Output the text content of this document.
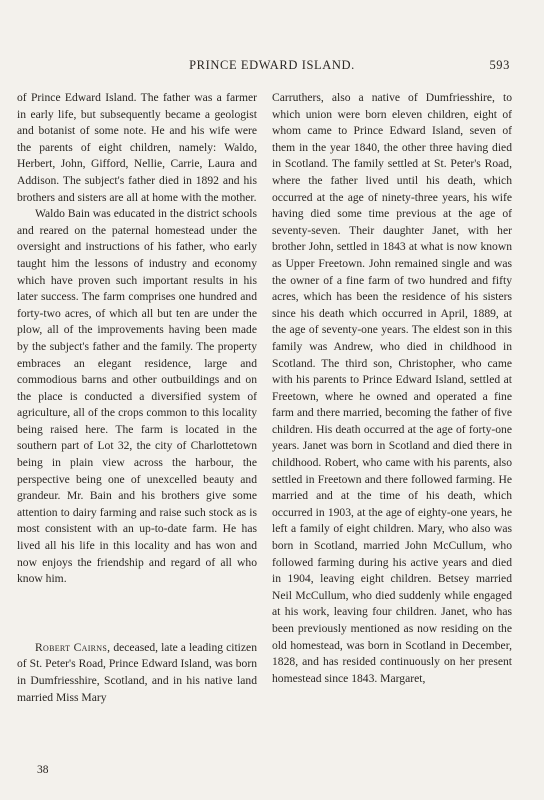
PRINCE EDWARD ISLAND.	593

of Prince Edward Island. The father was a farmer in early life, but subsequently became a geologist and botanist of some note. He and his wife were the parents of eight children, namely: Waldo, Herbert, John, Gifford, Nellie, Carrie, Laura and Addison. The subject's father died in 1892 and his brothers and sisters are all at home with the mother.

Waldo Bain was educated in the district schools and reared on the paternal homestead under the oversight and instructions of his father, who early taught him the lessons of industry and economy which have proven such important results in his later success. The farm comprises one hundred and forty-two acres, of which all but ten are under the plow, all of the improvements having been made by the subject's father and the family. The property embraces an elegant residence, large and commodious barns and other outbuildings and on the place is conducted a diversified system of agriculture, all of the crops common to this locality being raised here. The farm is located in the southern part of Lot 32, the city of Charlottetown being in plain view across the harbour, the perspective being one of unexcelled beauty and grandeur. Mr. Bain and his brothers give some attention to dairy farming and raise such stock as is most consistent with an up-to-date farm. He has lived all his life in this locality and has won and now enjoys the friendship and regard of all who know him.

Robert Cairns, deceased, late a leading citizen of St. Peter's Road, Prince Edward Island, was born in Dumfriesshire, Scotland, and in his native land married Miss Mary

Carruthers, also a native of Dumfriesshire, to which union were born eleven children, eight of whom came to Prince Edward Island, seven of them in the year 1840, the other three having died in Scotland. The family settled at St. Peter's Road, where the father lived until his death, which occurred at the age of ninety-three years, his wife having died some time previous at the age of seventy-seven. Their daughter Janet, with her brother John, settled in 1843 at what is now known as Upper Freetown. John remained single and was the owner of a fine farm of two hundred and fifty acres, which has been the residence of his sisters since his death which occurred in April, 1889, at the age of seventy-one years. The eldest son in this family was Andrew, who died in childhood in Scotland. The third son, Christopher, who came with his parents to Prince Edward Island, settled at Freetown, where he owned and operated a fine farm and there married, becoming the father of five children. His death occurred at the age of forty-one years. Janet was born in Scotland and died there in childhood. Robert, who came with his parents, also settled in Freetown and there followed farming. He married and at the time of his death, which occurred in 1903, at the age of eighty-one years, he left a family of eight children. Mary, who also was born in Scotland, married John McCullum, who followed farming during his active years and died in 1904, leaving eight children. Betsey married Neil McCullum, who died suddenly while engaged at his work, leaving four children. Janet, who has been previously mentioned as now residing on the old homestead, was born in Scotland in December, 1828, and has resided continuously on her present homestead since 1843. Margaret,

38
